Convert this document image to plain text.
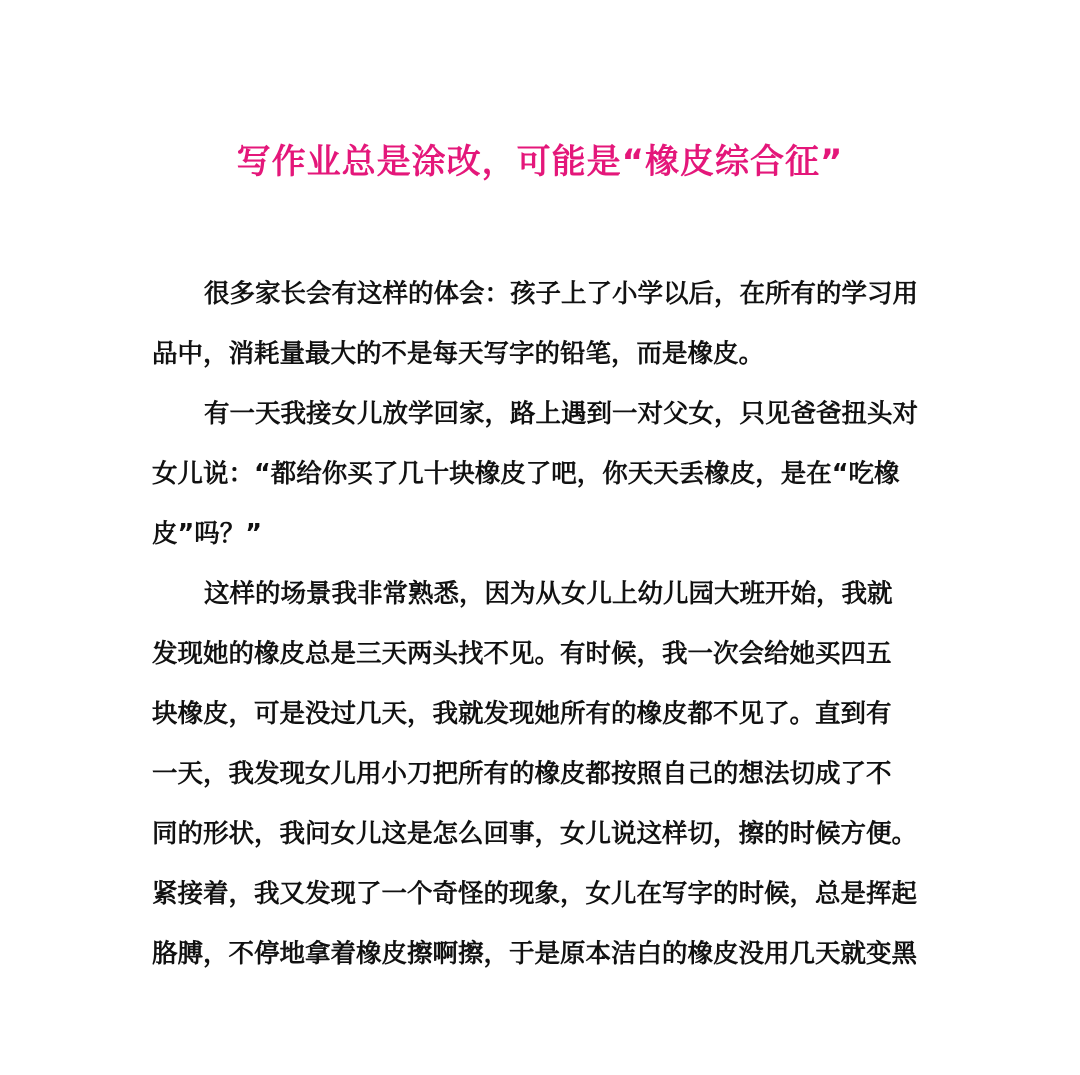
写作业总是涂改，可能是“橡皮综合征”
很多家长会有这样的体会：孩子上了小学以后，在所有的学习用
品中，消耗量最大的不是每天写字的铅笔，而是橡皮。
有一天我接女儿放学回家，路上遇到一对父女，只见爸爸扭头对
女儿说：“都给你买了几十块橡皮了吧，你天天丢橡皮，是在“吃橡
皮”吗？”
这样的场景我非常熟悉，因为从女儿上幼儿园大班开始，我就
发现她的橡皮总是三天两头找不见。有时候，我一次会给她买四五
块橡皮，可是没过几天，我就发现她所有的橡皮都不见了。直到有
一天，我发现女儿用小刀把所有的橡皮都按照自己的想法切成了不
同的形状，我问女儿这是怎么回事，女儿说这样切，擦的时候方便。
紧接着，我又发现了一个奇怪的现象，女儿在写字的时候，总是挥起
胳膊，不停地拿着橡皮擦啊擦，于是原本洁白的橡皮没用几天就变黑
